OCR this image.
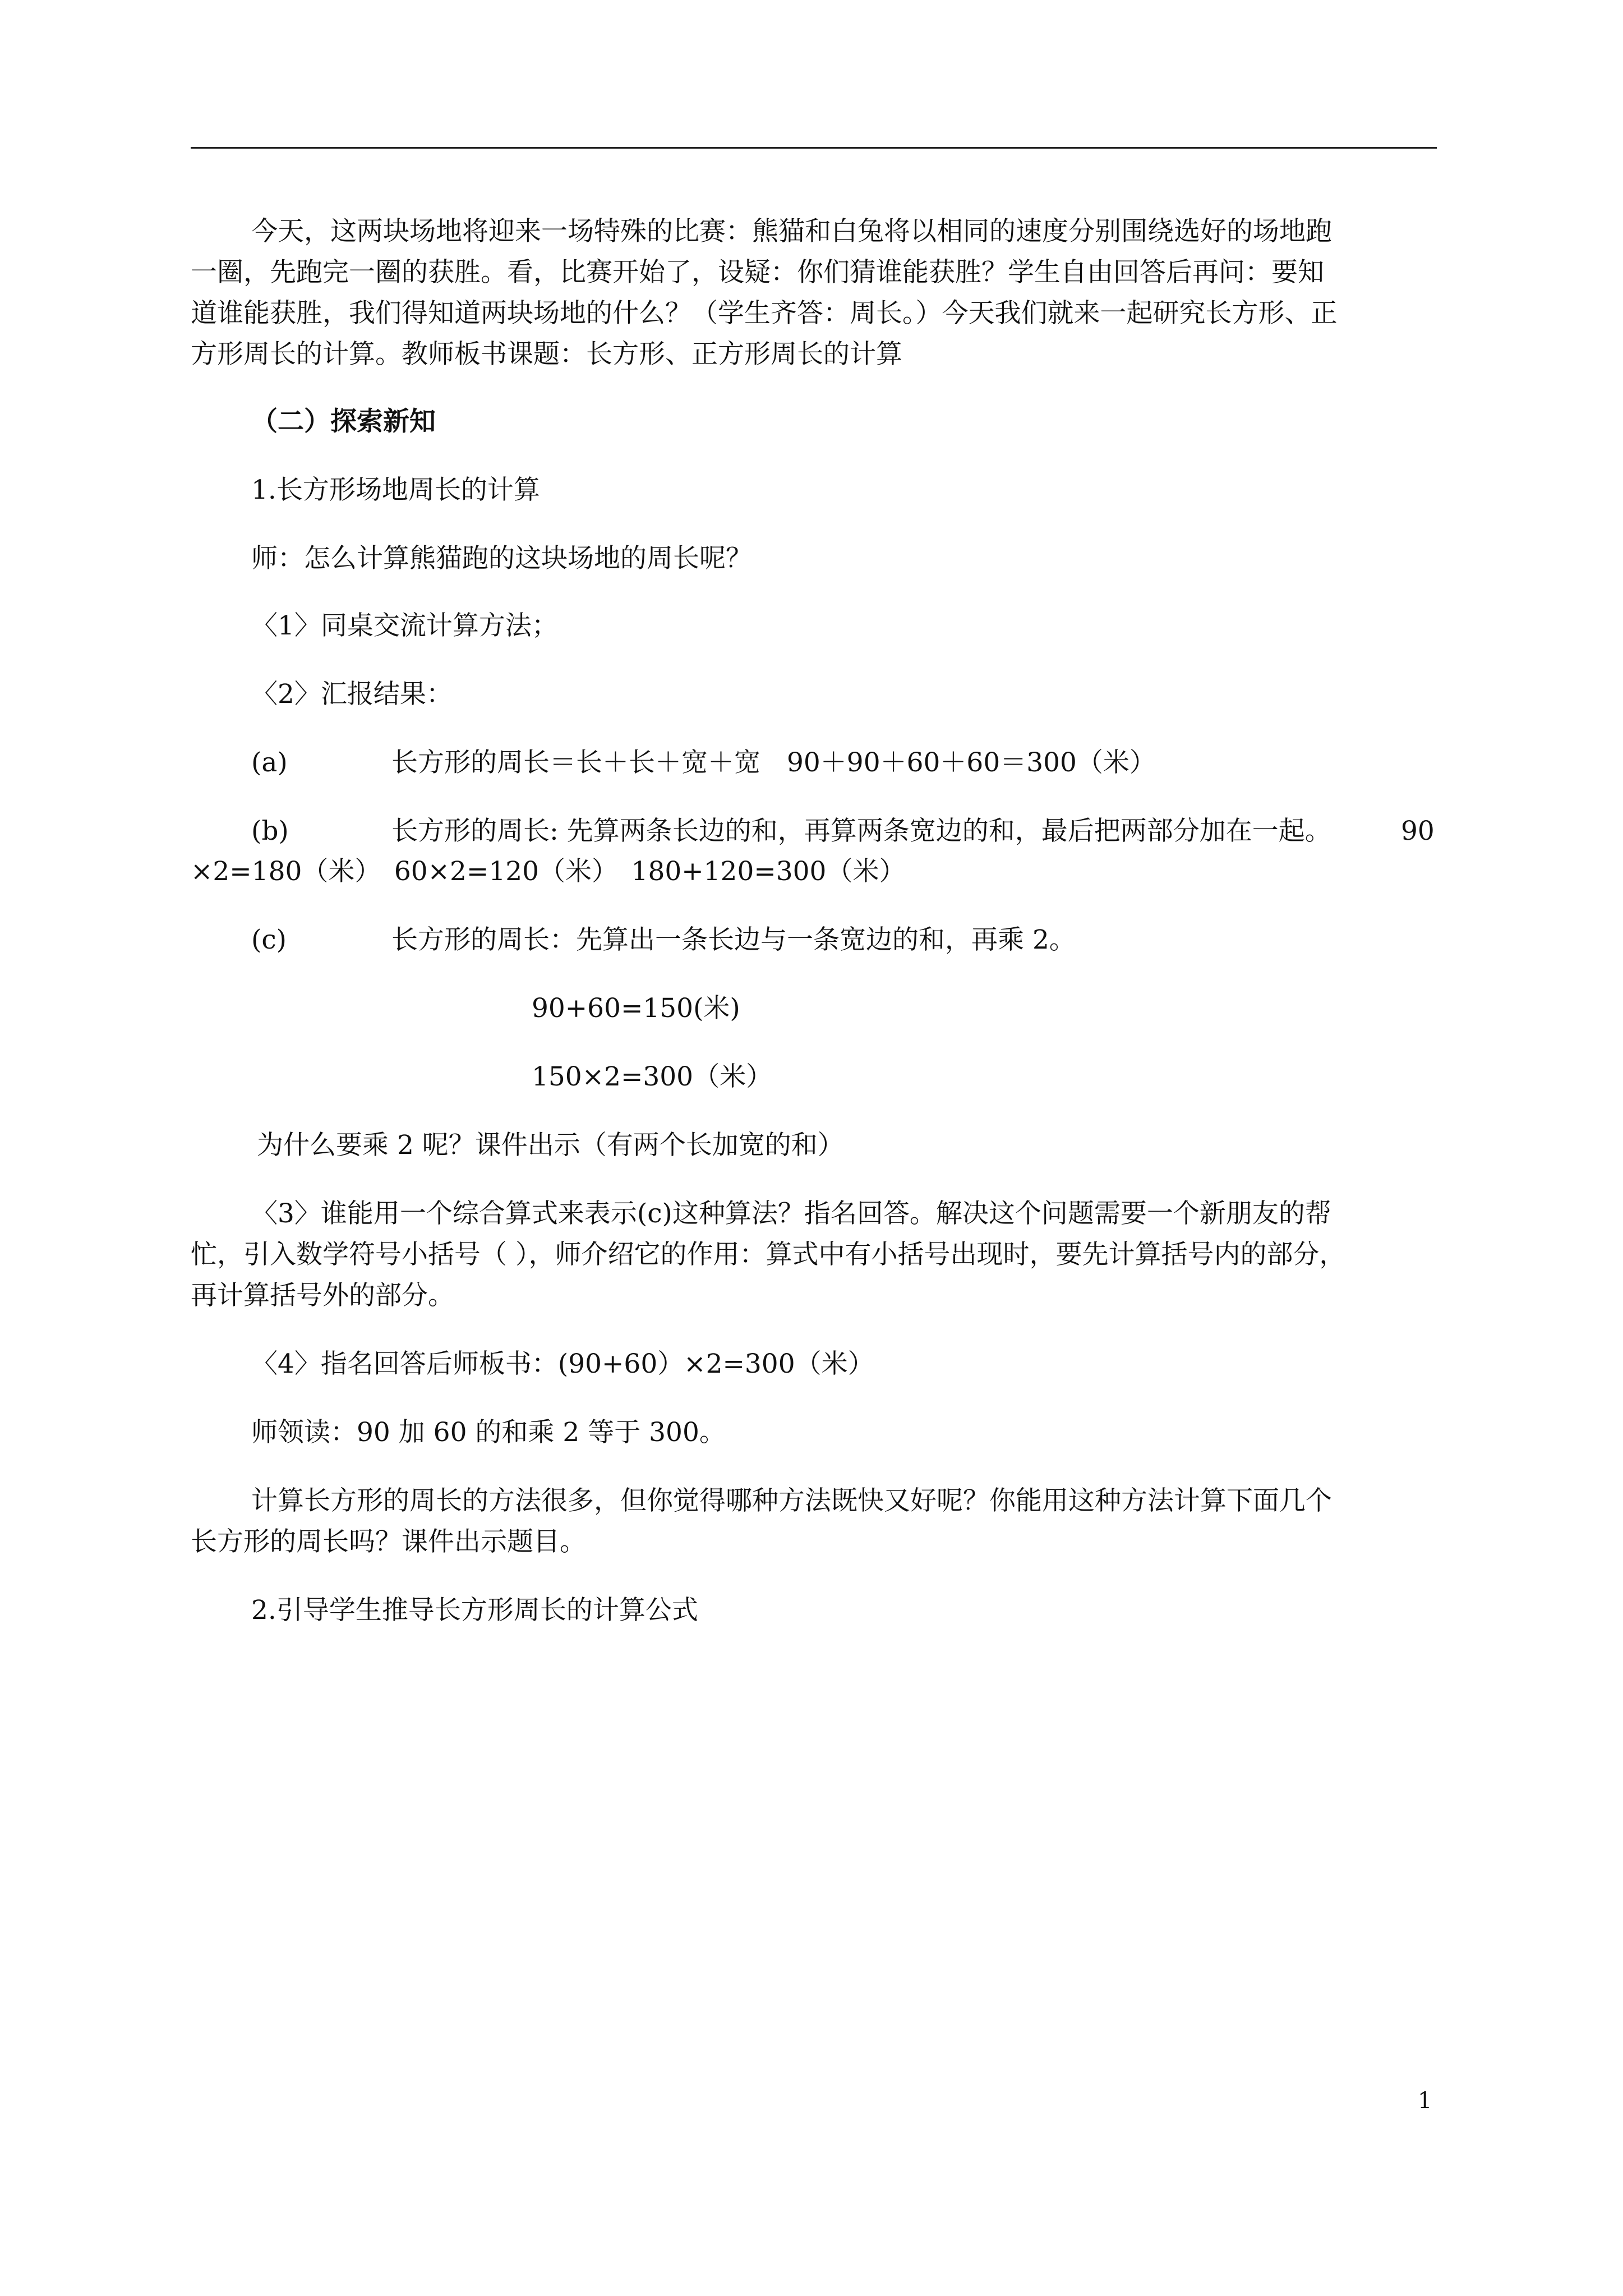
今天，这两块场地将迎来一场特殊的比赛：熊猫和白兔将以相同的速度分别围绕选好的场地跑
一圈，先跑完一圈的获胜。看，比赛开始了，设疑：你们猜谁能获胜？学生自由回答后再问：要知
道谁能获胜，我们得知道两块场地的什么？（学生齐答：周长。）今天我们就来一起研究长方形、正
方形周长的计算。教师板书课题：长方形、正方形周长的计算
（二）探索新知
1.长方形场地周长的计算
师：怎么计算熊猫跑的这块场地的周长呢？
〈1〉同桌交流计算方法；
〈2〉汇报结果：
(a)	长方形的周长＝长＋长＋宽＋宽　90＋90＋60＋60＝300（米）
(b)	长方形的周长: 先算两条长边的和，再算两条宽边的和，最后把两部分加在一起。	90
×2=180（米）　60×2=120（米）　180+120=300（米）
(c)	长方形的周长：先算出一条长边与一条宽边的和，再乘 2。
90+60=150(米)
150×2=300（米）
为什么要乘 2 呢？课件出示（有两个长加宽的和）
〈3〉谁能用一个综合算式来表示(c)这种算法？指名回答。解决这个问题需要一个新朋友的帮
忙，引入数学符号小括号（ ），师介绍它的作用：算式中有小括号出现时，要先计算括号内的部分，
再计算括号外的部分。
〈4〉指名回答后师板书：(90+60）×2=300（米）
师领读：90 加 60 的和乘 2 等于 300。
计算长方形的周长的方法很多，但你觉得哪种方法既快又好呢？你能用这种方法计算下面几个
长方形的周长吗？课件出示题目。
2.引导学生推导长方形周长的计算公式
1
